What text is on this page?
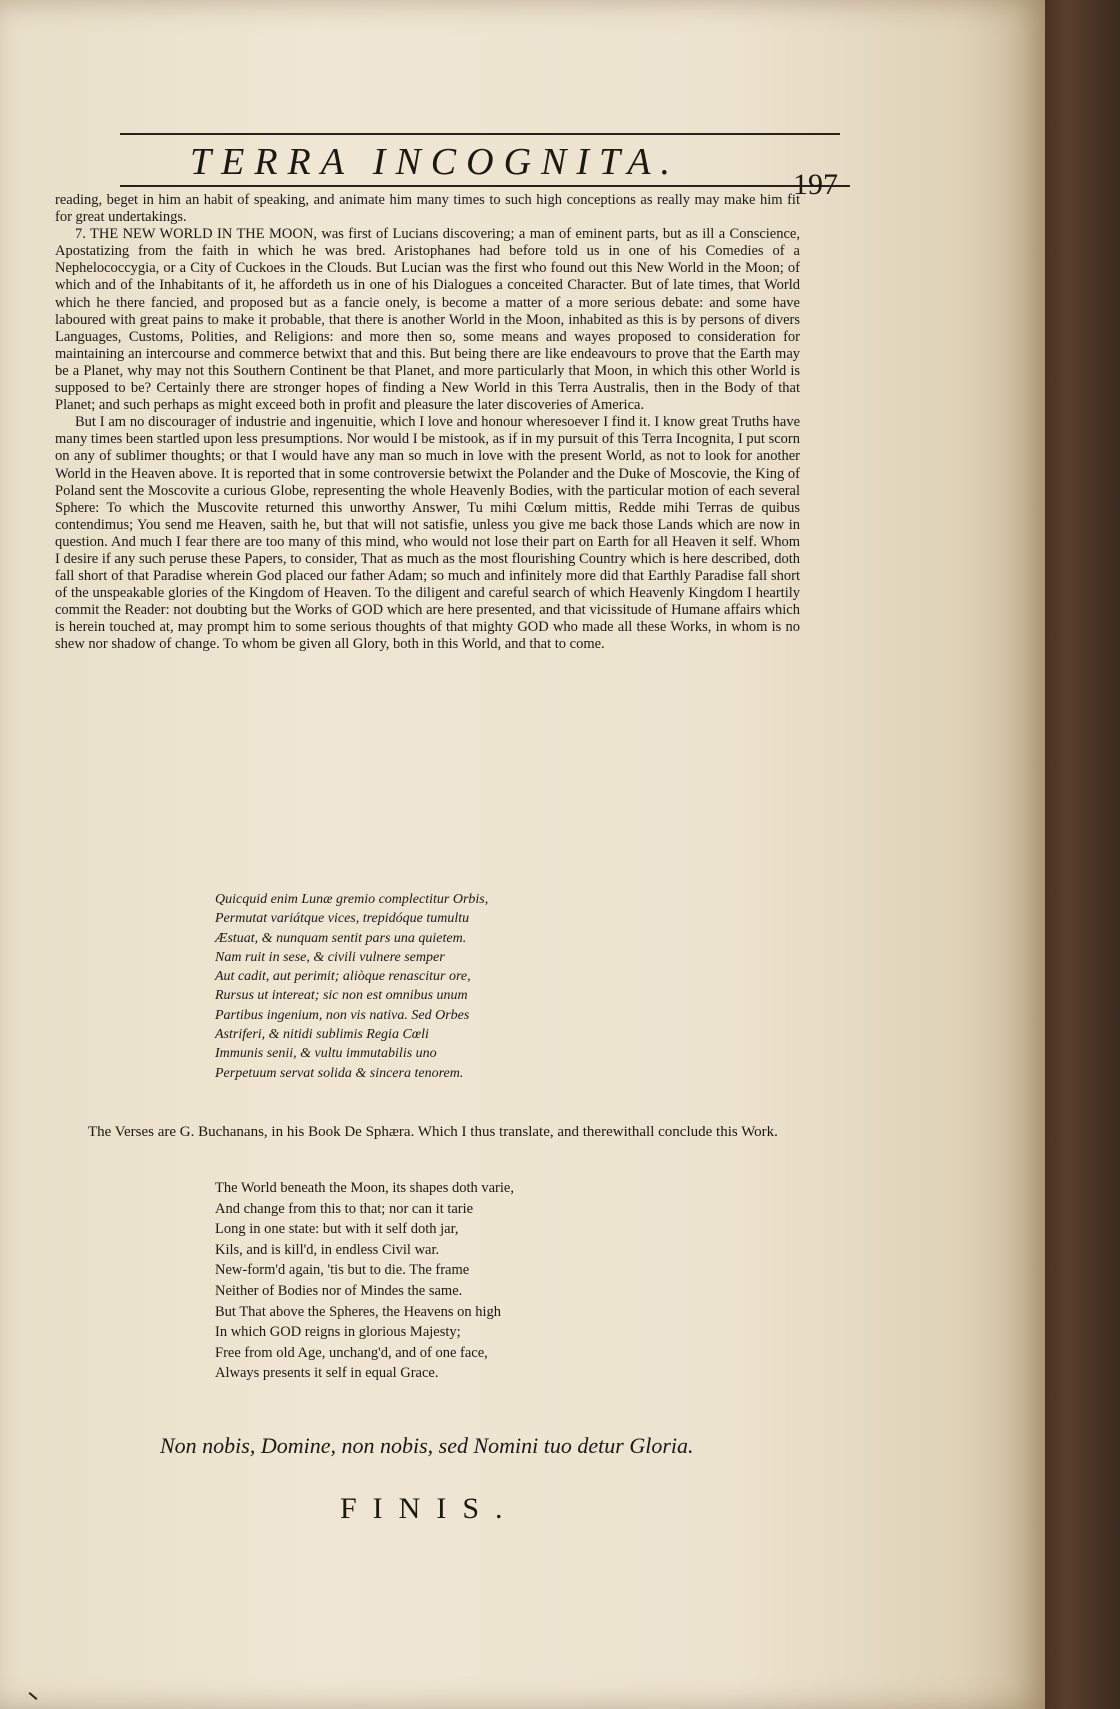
TERRA INCOGNITA.
197

reading, beget in him an habit of speaking, and animate him many times to such high conceptions as really may make him fit for great undertakings.

7. THE NEW WORLD IN THE MOON, was first of Lucians discovering; a man of eminent parts, but as ill a Conscience, Apostatizing from the faith in which he was bred. Aristophanes had before told us in one of his Comedies of a Nephelococcygia, or a City of Cuckoes in the Clouds. But Lucian was the first who found out this New World in the Moon; of which and of the Inhabitants of it, he affordeth us in one of his Dialogues a conceited Character. But of late times, that World which he there fancied, and proposed but as a fancie onely, is become a matter of a more serious debate: and some have laboured with great pains to make it probable, that there is another World in the Moon, inhabited as this is by persons of divers Languages, Customs, Polities, and Religions: and more then so, some means and wayes proposed to consideration for maintaining an intercourse and commerce betwixt that and this. But being there are like endeavours to prove that the Earth may be a Planet, why may not this Southern Continent be that Planet, and more particularly that Moon, in which this other World is supposed to be? Certainly there are stronger hopes of finding a New World in this Terra Australis, then in the Body of that Planet; and such perhaps as might exceed both in profit and pleasure the later discoveries of America.

But I am no discourager of industrie and ingenuitie, which I love and honour wheresoever I find it. I know great Truths have many times been startled upon less presumptions. Nor would I be mistook, as if in my pursuit of this Terra Incognita, I put scorn on any of sublimer thoughts; or that I would have any man so much in love with the present World, as not to look for another World in the Heaven above. It is reported that in some controversie betwixt the Polander and the Duke of Moscovie, the King of Poland sent the Moscovite a curious Globe, representing the whole Heavenly Bodies, with the particular motion of each several Sphere: To which the Muscovite returned this unworthy Answer, Tu mihi Cœlum mittis, Redde mihi Terras de quibus contendimus; You send me Heaven, saith he, but that will not satisfie, unless you give me back those Lands which are now in question. And much I fear there are too many of this mind, who would not lose their part on Earth for all Heaven it self. Whom I desire if any such peruse these Papers, to consider, That as much as the most flourishing Country which is here described, doth fall short of that Paradise wherein God placed our father Adam; so much and infinitely more did that Earthly Paradise fall short of the unspeakable glories of the Kingdom of Heaven. To the diligent and careful search of which Heavenly Kingdom I heartily commit the Reader: not doubting but the Works of GOD which are here presented, and that vicissitude of Humane affairs which is herein touched at, may prompt him to some serious thoughts of that mighty GOD who made all these Works, in whom is no shew nor shadow of change. To whom be given all Glory, both in this World, and that to come.

Quicquid enim Lunæ gremio complectitur Orbis,
Permutat variátque vices, trepidóque tumultu
Æstuat, & nunquam sentit pars una quietem.
Nam ruit in sese, & civili vulnere semper
Aut cadit, aut perimit; aliòque renascitur ore,
Rursus ut intereat; sic non est omnibus unum
Partibus ingenium, non vis nativa. Sed Orbes
Astriferi, & nitidi sublimis Regia Cœli
Immunis senii, & vultu immutabilis uno
Perpetuum servat solida & sincera tenorem.
The Verses are G. Buchanans, in his Book De Sphæra. Which I thus translate, and therewithall conclude this Work.
The World beneath the Moon, its shapes doth varie,
And change from this to that; nor can it tarie
Long in one state: but with it self doth jar,
Kils, and is kill'd, in endless Civil war.
New-form'd again, 'tis but to die. The frame
Neither of Bodies nor of Mindes the same.
But That above the Spheres, the Heavens on high
In which GOD reigns in glorious Majesty;
Free from old Age, unchang'd, and of one face,
Always presents it self in equal Grace.
Non nobis, Domine, non nobis, sed Nomini tuo detur Gloria.
FINIS.
